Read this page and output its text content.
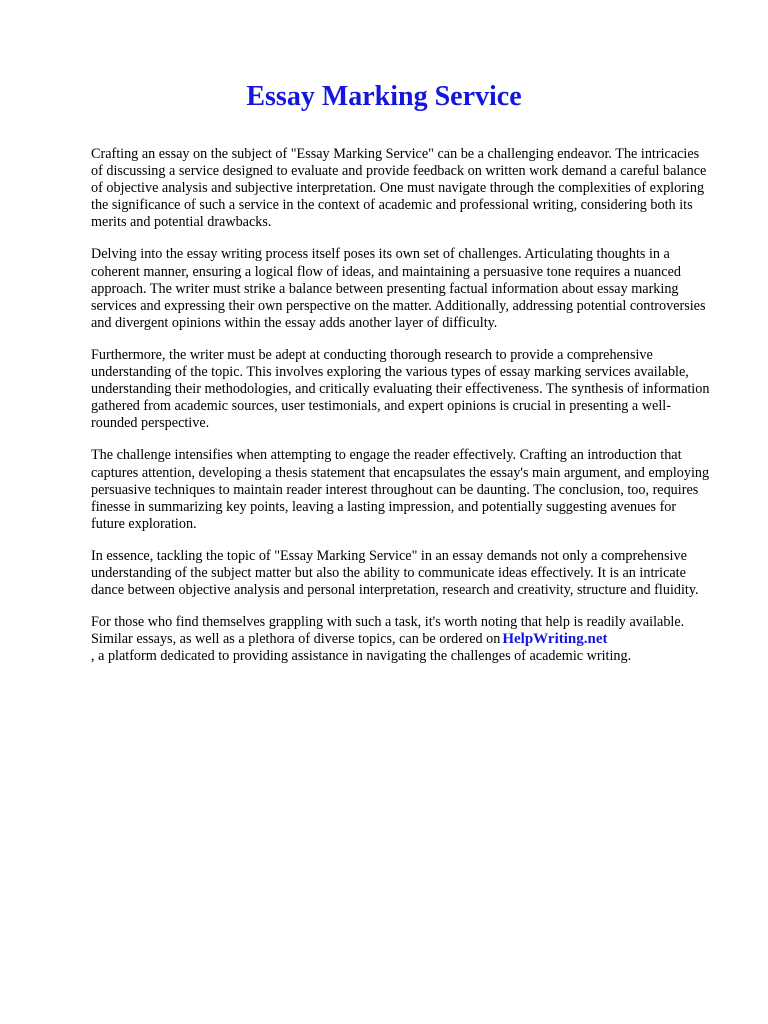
Essay Marking Service

Crafting an essay on the subject of "Essay Marking Service" can be a challenging endeavor. The intricacies of discussing a service designed to evaluate and provide feedback on written work demand a careful balance of objective analysis and subjective interpretation. One must navigate through the complexities of exploring the significance of such a service in the context of academic and professional writing, considering both its merits and potential drawbacks.

Delving into the essay writing process itself poses its own set of challenges. Articulating thoughts in a coherent manner, ensuring a logical flow of ideas, and maintaining a persuasive tone requires a nuanced approach. The writer must strike a balance between presenting factual information about essay marking services and expressing their own perspective on the matter. Additionally, addressing potential controversies and divergent opinions within the essay adds another layer of difficulty.

Furthermore, the writer must be adept at conducting thorough research to provide a comprehensive understanding of the topic. This involves exploring the various types of essay marking services available, understanding their methodologies, and critically evaluating their effectiveness. The synthesis of information gathered from academic sources, user testimonials, and expert opinions is crucial in presenting a well-rounded perspective.

The challenge intensifies when attempting to engage the reader effectively. Crafting an introduction that captures attention, developing a thesis statement that encapsulates the essay's main argument, and employing persuasive techniques to maintain reader interest throughout can be daunting. The conclusion, too, requires finesse in summarizing key points, leaving a lasting impression, and potentially suggesting avenues for future exploration.

In essence, tackling the topic of "Essay Marking Service" in an essay demands not only a comprehensive understanding of the subject matter but also the ability to communicate ideas effectively. It is an intricate dance between objective analysis and personal interpretation, research and creativity, structure and fluidity.

For those who find themselves grappling with such a task, it's worth noting that help is readily available. Similar essays, as well as a plethora of diverse topics, can be ordered on HelpWriting.net
, a platform dedicated to providing assistance in navigating the challenges of academic writing.
